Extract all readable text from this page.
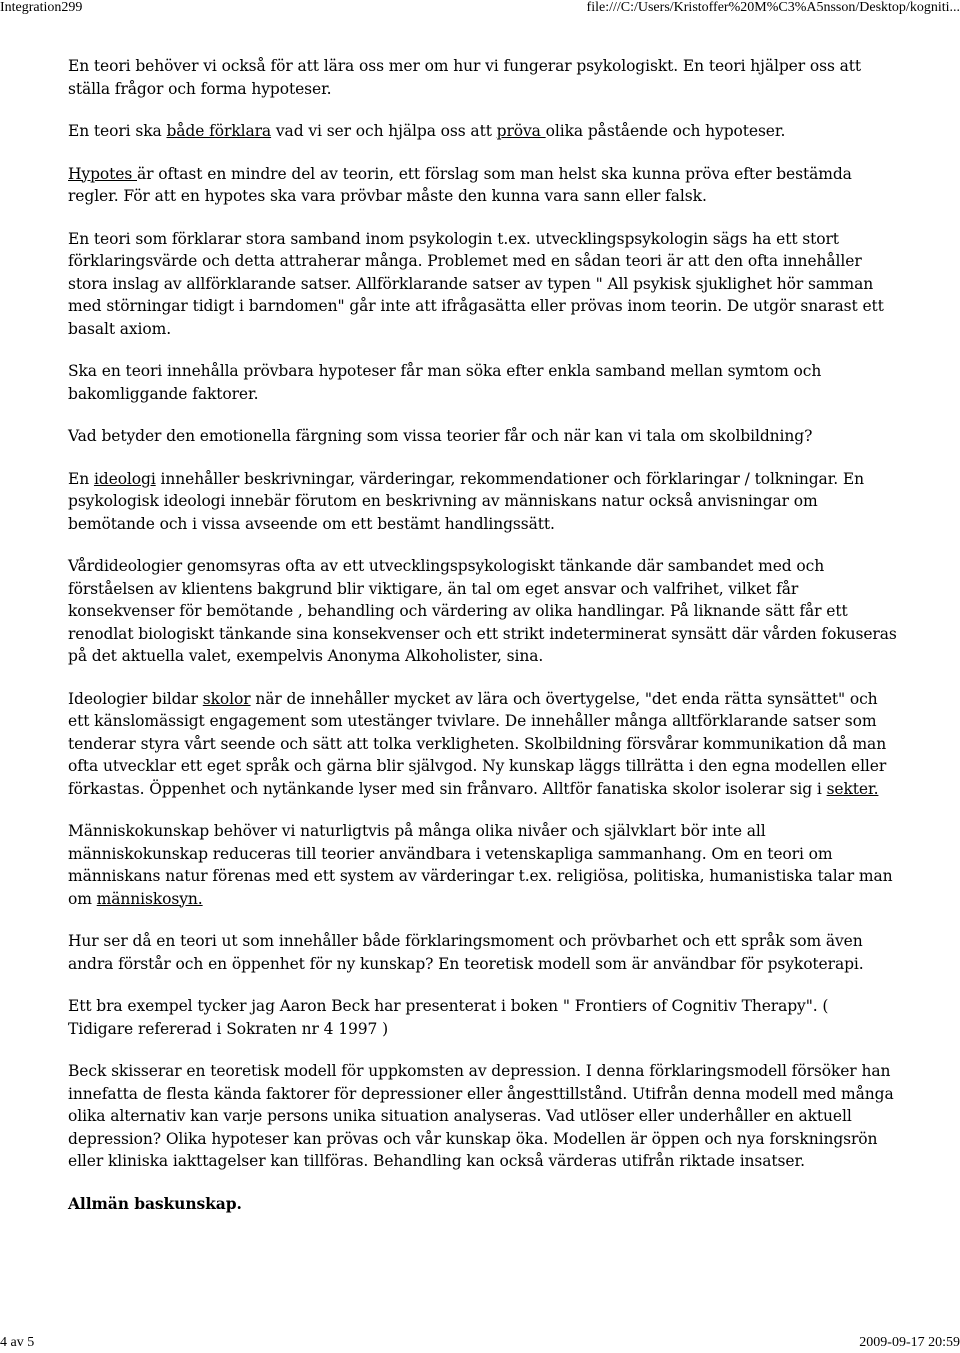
Integration299	file:///C:/Users/Kristoffer%20M%C3%A5nsson/Desktop/kogniti...

En teori behöver vi också för att lära oss mer om hur vi fungerar psykologiskt. En teori hjälper oss att ställa frågor och forma hypoteser.

En teori ska både förklara vad vi ser och hjälpa oss att pröva olika påstående och hypoteser.

Hypotes är oftast en mindre del av teorin, ett förslag som man helst ska kunna pröva efter bestämda regler. För att en hypotes ska vara prövbar måste den kunna vara sann eller falsk.

En teori som förklarar stora samband inom psykologin t.ex. utvecklingspsykologin sägs ha ett stort förklaringsvärde och detta attraherar många. Problemet med en sådan teori är att den ofta innehåller stora inslag av allförklarande satser. Allförklarande satser av typen " All psykisk sjuklighet hör samman med störningar tidigt i barndomen" går inte att ifrågasätta eller prövas inom teorin. De utgör snarast ett basalt axiom.

Ska en teori innehålla prövbara hypoteser får man söka efter enkla samband mellan symtom och bakomliggande faktorer.

Vad betyder den emotionella färgning som vissa teorier får och när kan vi tala om skolbildning?

En ideologi innehåller beskrivningar, värderingar, rekommendationer och förklaringar / tolkningar. En psykologisk ideologi innebär förutom en beskrivning av människans natur också anvisningar om bemötande och i vissa avseende om ett bestämt handlingssätt.

Vårdideologier genomsyras ofta av ett utvecklingspsykologiskt tänkande där sambandet med och förståelsen av klientens bakgrund blir viktigare, än tal om eget ansvar och valfrihet, vilket får konsekvenser för bemötande , behandling och värdering av olika handlingar. På liknande sätt får ett renodlat biologiskt tänkande sina konsekvenser och ett strikt indeterminerat synsätt där vården fokuseras på det aktuella valet, exempelvis Anonyma Alkoholister, sina.

Ideologier bildar skolor när de innehåller mycket av lära och övertygelse, "det enda rätta synsättet" och ett känslomässigt engagement som utestänger tvivlare. De innehåller många alltförklarande satser som tenderar styra vårt seende och sätt att tolka verkligheten. Skolbildning försvårar kommunikation då man ofta utvecklar ett eget språk och gärna blir självgod. Ny kunskap läggs tillrätta i den egna modellen eller förkastas. Öppenhet och nytänkande lyser med sin frånvaro. Alltför fanatiska skolor isolerar sig i sekter.

Människokunskap behöver vi naturligtvis på många olika nivåer och självklart bör inte all människokunskap reduceras till teorier användbara i vetenskapliga sammanhang. Om en teori om människans natur förenas med ett system av värderingar t.ex. religiösa, politiska, humanistiska talar man om människosyn.

Hur ser då en teori ut som innehåller både förklaringsmoment och prövbarhet och ett språk som även andra förstår och en öppenhet för ny kunskap? En teoretisk modell som är användbar för psykoterapi.

Ett bra exempel tycker jag Aaron Beck har presenterat i boken " Frontiers of Cognitiv Therapy". ( Tidigare refererad i Sokraten nr 4 1997 )

Beck skisserar en teoretisk modell för uppkomsten av depression. I denna förklaringsmodell försöker han innefatta de flesta kända faktorer för depressioner eller ångesttillstånd. Utifrån denna modell med många olika alternativ kan varje persons unika situation analyseras. Vad utlöser eller underhåller en aktuell depression? Olika hypoteser kan prövas och vår kunskap öka. Modellen är öppen och nya forskningsrön eller kliniska iakttagelser kan tillföras. Behandling kan också värderas utifrån riktade insatser.

Allmän baskunskap.

4 av 5	2009-09-17 20:59
